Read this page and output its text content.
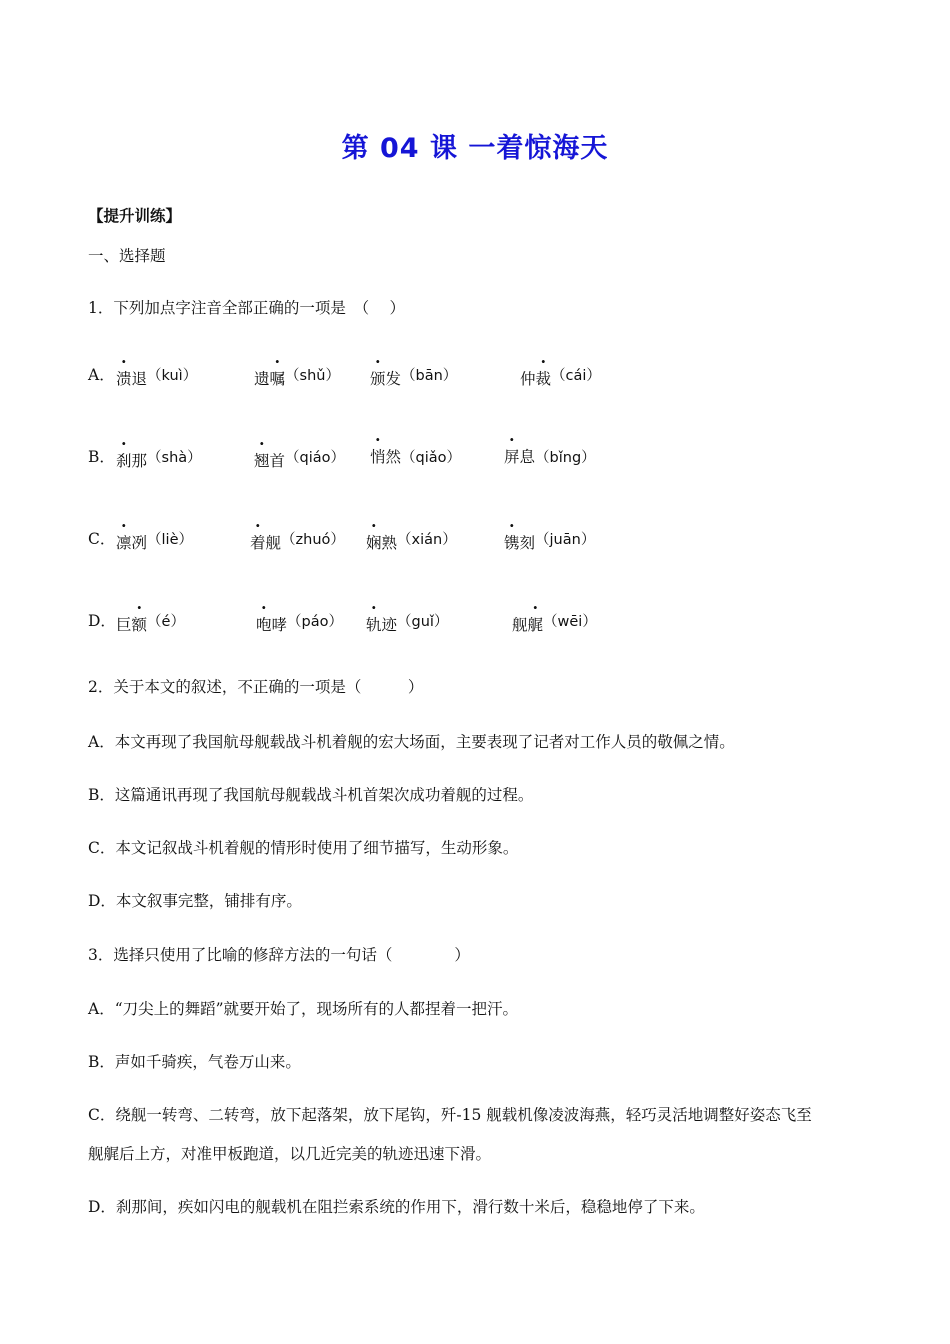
第 04 课 一着惊海天
【提升训练】
一、选择题
1．下列加点字注音全部正确的一项是　（　 ）
A． 溃退（kuì）	遗嘱（shǔ） 颁发（bān）	仲裁（cái）
B． 刹那（shà）	翘首（qiáo） 悄然（qiǎo）	屏息（bǐng）
C． 凛冽（liè）	着舰（zhuó） 娴熟（xián）	镌刻（juān）
D． 巨额（é）	咆哮（páo） 轨迹（guǐ）	舰艉（wēi）
2．关于本文的叙述，不正确的一项是（　　　）
A．本文再现了我国航母舰载战斗机着舰的宏大场面，主要表现了记者对工作人员的敬佩之情。
B．这篇通讯再现了我国航母舰载战斗机首架次成功着舰的过程。
C．本文记叙战斗机着舰的情形时使用了细节描写，生动形象。
D．本文叙事完整，铺排有序。
3．选择只使用了比喻的修辞方法的一句话（　　　　）
A．“刀尖上的舞蹈”就要开始了，现场所有的人都捏着一把汗。
B．声如千骑疾，气卷万山来。
C．绕舰一转弯、二转弯，放下起落架，放下尾钩，歼-15 舰载机像凌波海燕，轻巧灵活地调整好姿态飞至
舰艉后上方，对准甲板跑道，以几近完美的轨迹迅速下滑。
D．刹那间，疾如闪电的舰载机在阻拦索系统的作用下，滑行数十米后，稳稳地停了下来。
